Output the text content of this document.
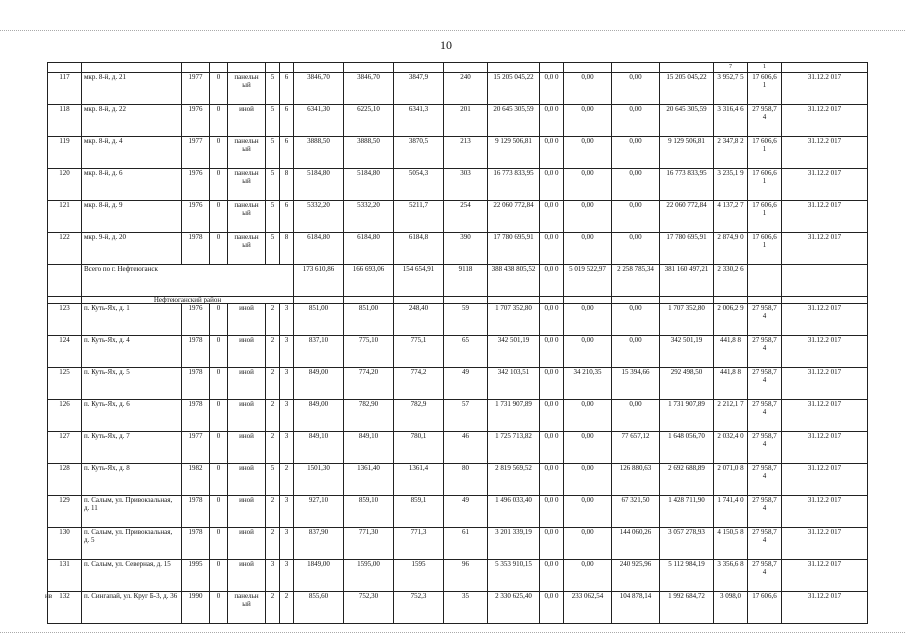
10
																7	1	
117	мкр. 8-й, д. 21	1977	0	панельн ый	5	6	3846,70	3846,70	3847,9	240	15 205 045,22	0,0 0	0,00	0,00	15 205 045,22	3 952,7 5	17 606,6 1	31.12.2 017
118	мкр. 8-й, д. 22	1976	0	иной	5	6	6341,30	6225,10	6341,3	201	20 645 305,59	0,0 0	0,00	0,00	20 645 305,59	3 316,4 6	27 958,7 4	31.12.2 017
119	мкр. 8-й, д. 4	1977	0	панельн ый	5	6	3888,50	3888,50	3870,5	213	9 129 506,81	0,0 0	0,00	0,00	9 129 506,81	2 347,8 2	17 606,6 1	31.12.2 017
120	мкр. 8-й, д. 6	1976	0	панельн ый	5	8	5184,80	5184,80	5054,3	303	16 773 833,95	0,0 0	0,00	0,00	16 773 833,95	3 235,1 9	17 606,6 1	31.12.2 017
121	мкр. 8-й, д. 9	1976	0	панельн ый	5	6	5332,20	5332,20	5211,7	254	22 060 772,84	0,0 0	0,00	0,00	22 060 772,84	4 137,2 7	17 606,6 1	31.12.2 017
122	мкр. 9-й, д. 20	1978	0	панельн ый	5	8	6184,80	6184,80	6184,8	390	17 780 695,91	0,0 0	0,00	0,00	17 780 695,91	2 874,9 0	17 606,6 1	31.12.2 017
	Всего по г. Нефтеюганск						173 610,86	166 693,06	154 654,91	9118	388 438 805,52	0,0 0	5 019 522,97	2 258 785,34	381 160 497,21	2 330,2 6		
	Нефтеюганский район																	
123	п. Куть-Ях, д. 1	1976	0	иной	2	3	851,00	851,00	248,40	59	1 707 352,80	0,0 0	0,00	0,00	1 707 352,80	2 006,2 9	27 958,7 4	31.12.2 017
124	п. Куть-Ях, д. 4	1978	0	иной	2	3	837,10	775,10	775,1	65	342 501,19	0,0 0	0,00	0,00	342 501,19	441,8 8	27 958,7 4	31.12.2 017
125	п. Куть-Ях, д. 5	1978	0	иной	2	3	849,00	774,20	774,2	49	342 103,51	0,0 0	34 210,35	15 394,66	292 498,50	441,8 8	27 958,7 4	31.12.2 017
126	п. Куть-Ях, д. 6	1978	0	иной	2	3	849,00	782,90	782,9	57	1 731 907,89	0,0 0	0,00	0,00	1 731 907,89	2 212,1 7	27 958,7 4	31.12.2 017
127	п. Куть-Ях, д. 7	1977	0	иной	2	3	849,10	849,10	780,1	46	1 725 713,82	0,0 0	0,00	77 657,12	1 648 056,70	2 032,4 0	27 958,7 4	31.12.2 017
128	п. Куть-Ях, д. 8	1982	0	иной	5	2	1501,30	1361,40	1361,4	80	2 819 569,52	0,0 0	0,00	126 880,63	2 692 688,89	2 071,0 8	27 958,7 4	31.12.2 017
129	п. Салым, ул. Привокзальная, д. 11	1978	0	иной	2	3	927,10	859,10	859,1	49	1 496 033,40	0,0 0	0,00	67 321,50	1 428 711,90	1 741,4 0	27 958,7 4	31.12.2 017
130	п. Салым, ул. Привокзальная, д. 5	1978	0	иной	2	3	837,90	771,30	771,3	61	3 201 339,19	0,0 0	0,00	144 060,26	3 057 278,93	4 150,5 8	27 958,7 4	31.12.2 017
131	п. Салым, ул. Северная, д. 15	1995	0	иной	3	3	1849,00	1595,00	1595	96	5 353 910,15	0,0 0	0,00	240 925,96	5 112 984,19	3 356,6 8	27 958,7 4	31.12.2 017
132	п. Сингапай, ул. Круг Б-3, д. 36	1990	0	панельн ый	2	2	855,60	752,30	752,3	35	2 330 625,40	0,0 0	233 062,54	104 878,14	1 992 684,72	3 098,0	17 606,6	31.12.2 017
нв
